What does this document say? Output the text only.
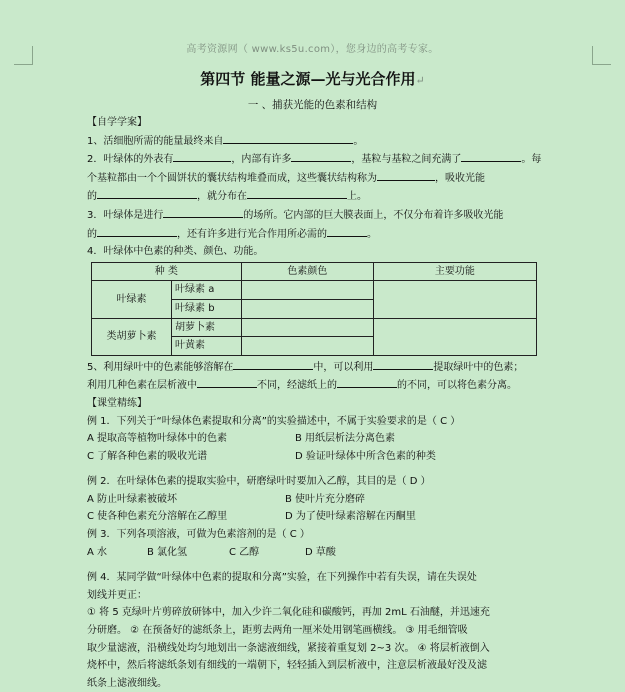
高考资源网（ www.ks5u.com），您身边的高考专家。
第四节 能量之源—光与光合作用↵
一 、捕获光能的色素和结构

【自学学案】

1、活细胞所需的能量最终来自	。

2．叶绿体的外表有	，内部有许多	，基粒与基粒之间充满了	。每

个基粒都由一个个圆饼状的囊状结构堆叠而成，这些囊状结构称为	，吸收光能

的	，就分布在	上。

3．叶绿体是进行	的场所。它内部的巨大膜表面上，不仅分布着许多吸收光能

的	，还有许多进行光合作用所必需的	。

4．叶绿体中色素的种类、颜色、功能。

种 类		色素颜色	主要功能
叶绿素	叶绿素 a		
	叶绿素 b		
类胡萝卜素	胡萝卜素		
	叶黄素		

5、利用绿叶中的色素能够溶解在	中，可以利用	提取绿叶中的色素；

利用几种色素在层析液中	不同，经滤纸上的	的不同，可以将色素分离。

【课堂精练】

例 1．下列关于“叶绿体色素提取和分离”的实验描述中，不属于实验要求的是（ C ）

A 提取高等植物叶绿体中的色素	B 用纸层析法分离色素

C 了解各种色素的吸收光谱	D 验证叶绿体中所含色素的种类

例 2．在叶绿体色素的提取实验中，研磨绿叶时要加入乙醇，其目的是（ D ）

A 防止叶绿素被破坏	B 使叶片充分磨碎

C 使各种色素充分溶解在乙醇里	D 为了使叶绿素溶解在丙酮里

例 3．下列各项溶液，可做为色素溶剂的是（ C ）

A 水	B 氯化氢	C 乙醇	D 草酸

例 4．某同学做“叶绿体中色素的提取和分离”实验，在下列操作中若有失误，请在失误处

划线并更正：

① 将 5 克绿叶片剪碎放研钵中，加入少许二氧化硅和碳酸钙，再加 2mL 石油醚，并迅速充

分研磨。 ② 在预备好的滤纸条上，距剪去两角一厘米处用钢笔画横线。 ③ 用毛细管吸

取少量滤液，沿横线处均匀地划出一条滤液细线，紧接着重复划 2~3 次。 ④ 将层析液倒入

烧杯中，然后将滤纸条划有细线的一端朝下，轻轻插入到层析液中，注意层析液最好没及滤

纸条上滤液细线。
